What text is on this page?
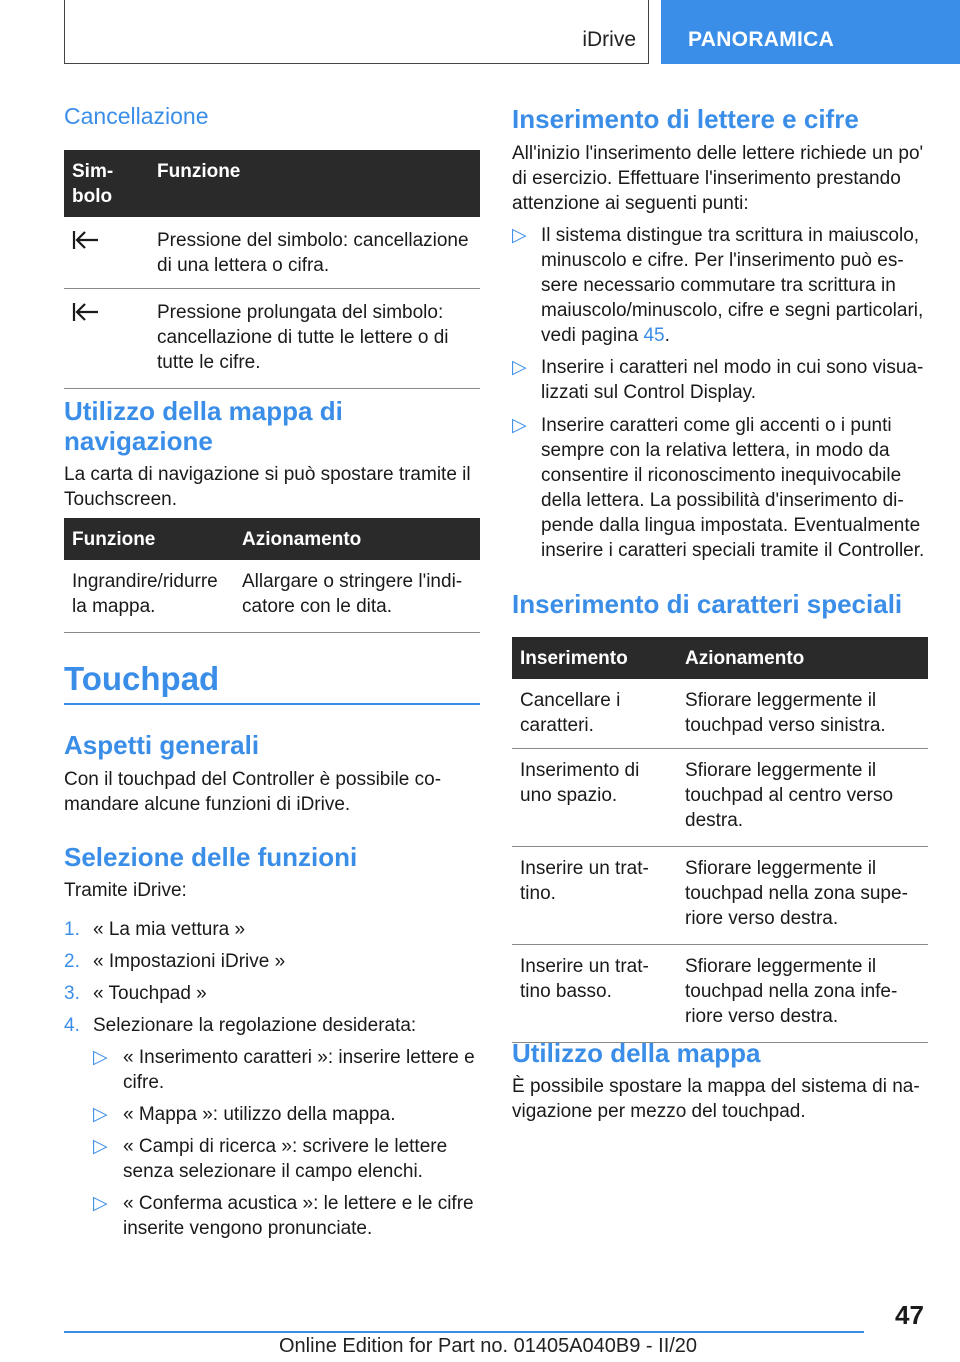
iDrive PANORAMICA
Cancellazione
Sim-
bolo	Funzione
	Pressione del simbolo: cancellazione di una lettera o cifra.
	Pressione prolungata del simbolo: cancellazione di tutte le lettere o di tutte le cifre.
Utilizzo della mappa di navigazione
La carta di navigazione si può spostare tramite il Touchscreen.
Funzione	Azionamento
Ingrandire/ridurre la mappa.	Allargare o stringere l'indicatore con le dita.
Touchpad
Aspetti generali
Con il touchpad del Controller è possibile comandare alcune funzioni di iDrive.
Selezione delle funzioni
Tramite iDrive:
1. « La mia vettura »
2. « Impostazioni iDrive »
3. « Touchpad »
4. Selezionare la regolazione desiderata:
▷ « Inserimento caratteri »: inserire lettere e cifre.
▷ « Mappa »: utilizzo della mappa.
▷ « Campi di ricerca »: scrivere le lettere senza selezionare il campo elenchi.
▷ « Conferma acustica »: le lettere e le cifre inserite vengono pronunciate.
Inserimento di lettere e cifre
All'inizio l'inserimento delle lettere richiede un po' di esercizio. Effettuare l'inserimento prestando attenzione ai seguenti punti:
▷ Il sistema distingue tra scrittura in maiuscolo, minuscolo e cifre. Per l'inserimento può essere necessario commutare tra scrittura in maiuscolo/minuscolo, cifre e segni particolari, vedi pagina 45.
▷ Inserire i caratteri nel modo in cui sono visualizzati sul Control Display.
▷ Inserire caratteri come gli accenti o i punti sempre con la relativa lettera, in modo da consentire il riconoscimento inequivocabile della lettera. La possibilità d'inserimento dipende dalla lingua impostata. Eventualmente inserire i caratteri speciali tramite il Controller.
Inserimento di caratteri speciali
Inserimento	Azionamento
Cancellare i caratteri.	Sfiorare leggermente il touchpad verso sinistra.
Inserimento di uno spazio.	Sfiorare leggermente il touchpad al centro verso destra.
Inserire un trattino.	Sfiorare leggermente il touchpad nella zona superiore verso destra.
Inserire un trattino basso.	Sfiorare leggermente il touchpad nella zona inferiore verso destra.
Utilizzo della mappa
È possibile spostare la mappa del sistema di navigazione per mezzo del touchpad.
47
Online Edition for Part no. 01405A040B9 - II/20
